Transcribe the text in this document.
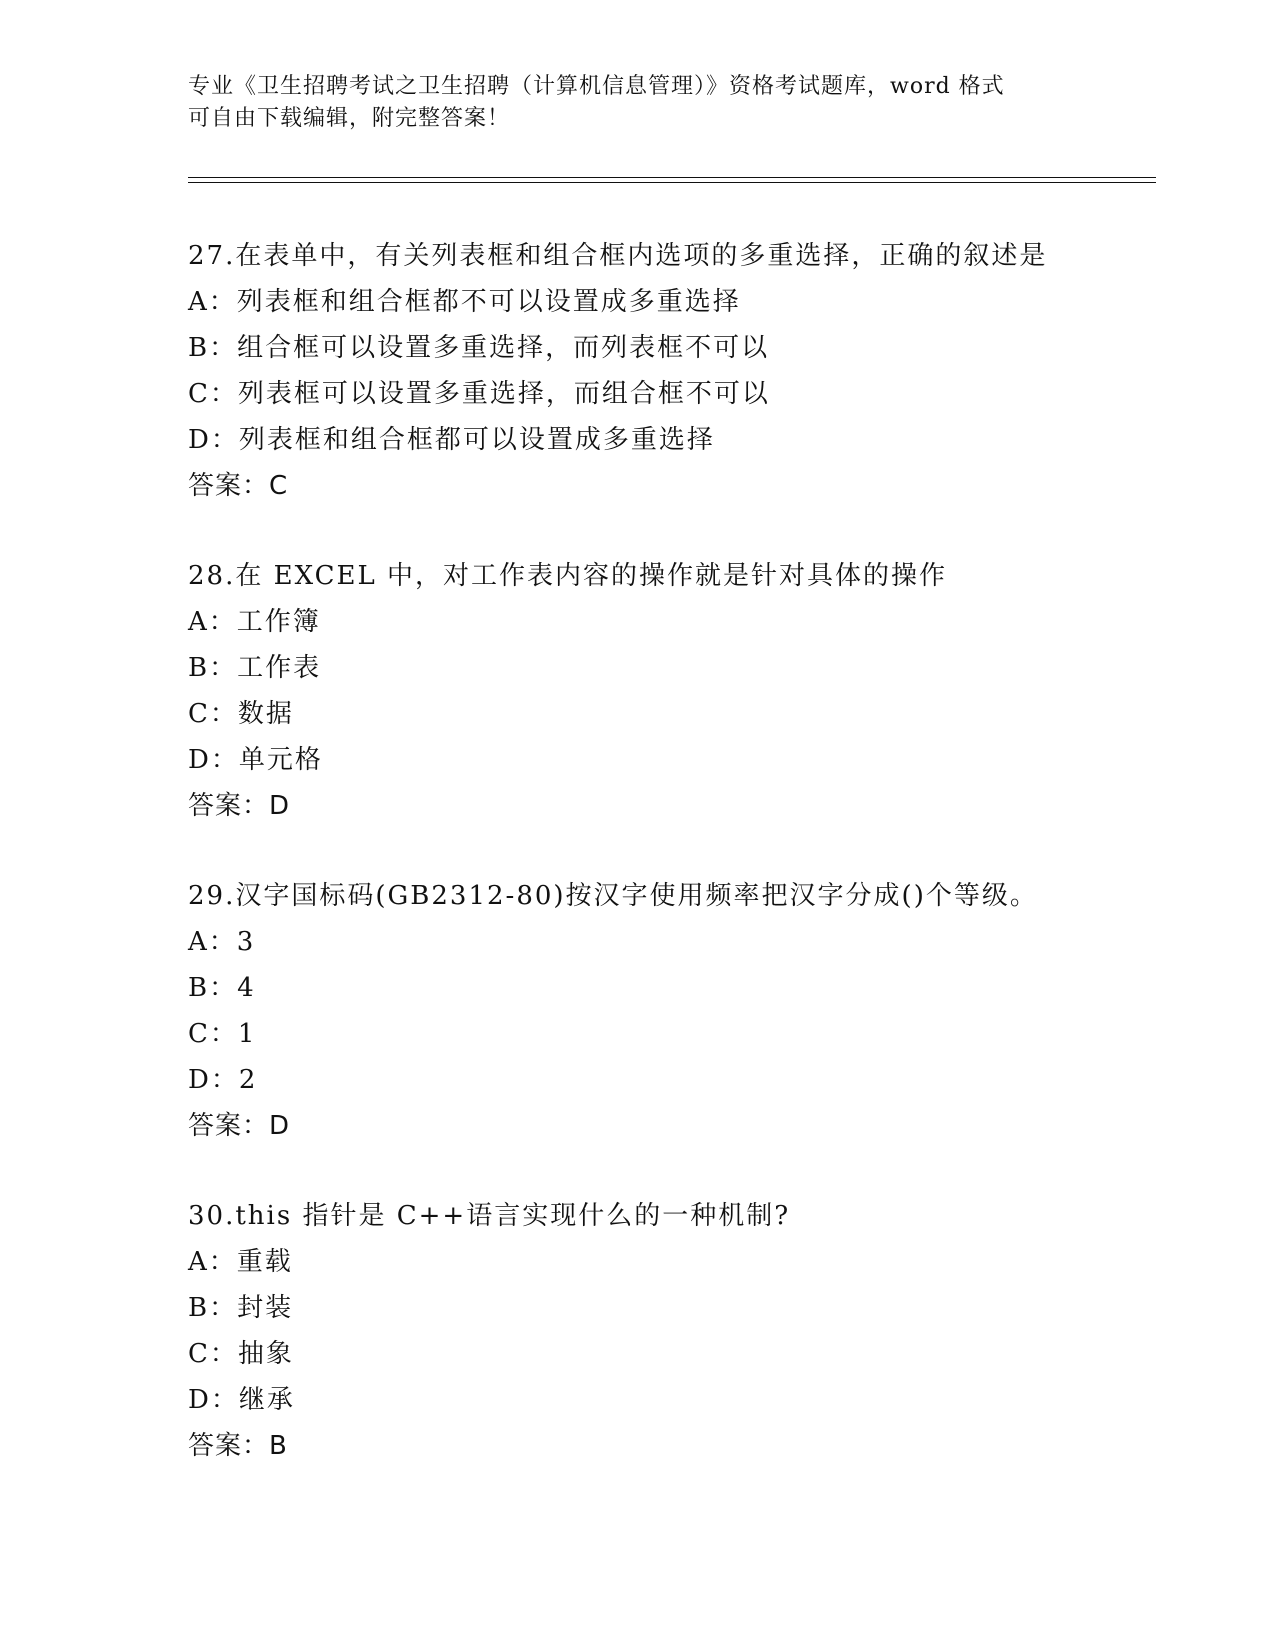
专业《卫生招聘考试之卫生招聘（计算机信息管理）》资格考试题库，word 格式
可自由下载编辑，附完整答案！
27.在表单中，有关列表框和组合框内选项的多重选择，正确的叙述是
A：列表框和组合框都不可以设置成多重选择
B：组合框可以设置多重选择，而列表框不可以
C：列表框可以设置多重选择，而组合框不可以
D：列表框和组合框都可以设置成多重选择
答案：C
28.在 EXCEL 中，对工作表内容的操作就是针对具体的操作
A：工作簿
B：工作表
C：数据
D：单元格
答案：D
29.汉字国标码(GB2312-80)按汉字使用频率把汉字分成()个等级。
A：3
B：4
C：1
D：2
答案：D
30.this 指针是 C++语言实现什么的一种机制?
A：重载
B：封装
C：抽象
D：继承
答案：B
